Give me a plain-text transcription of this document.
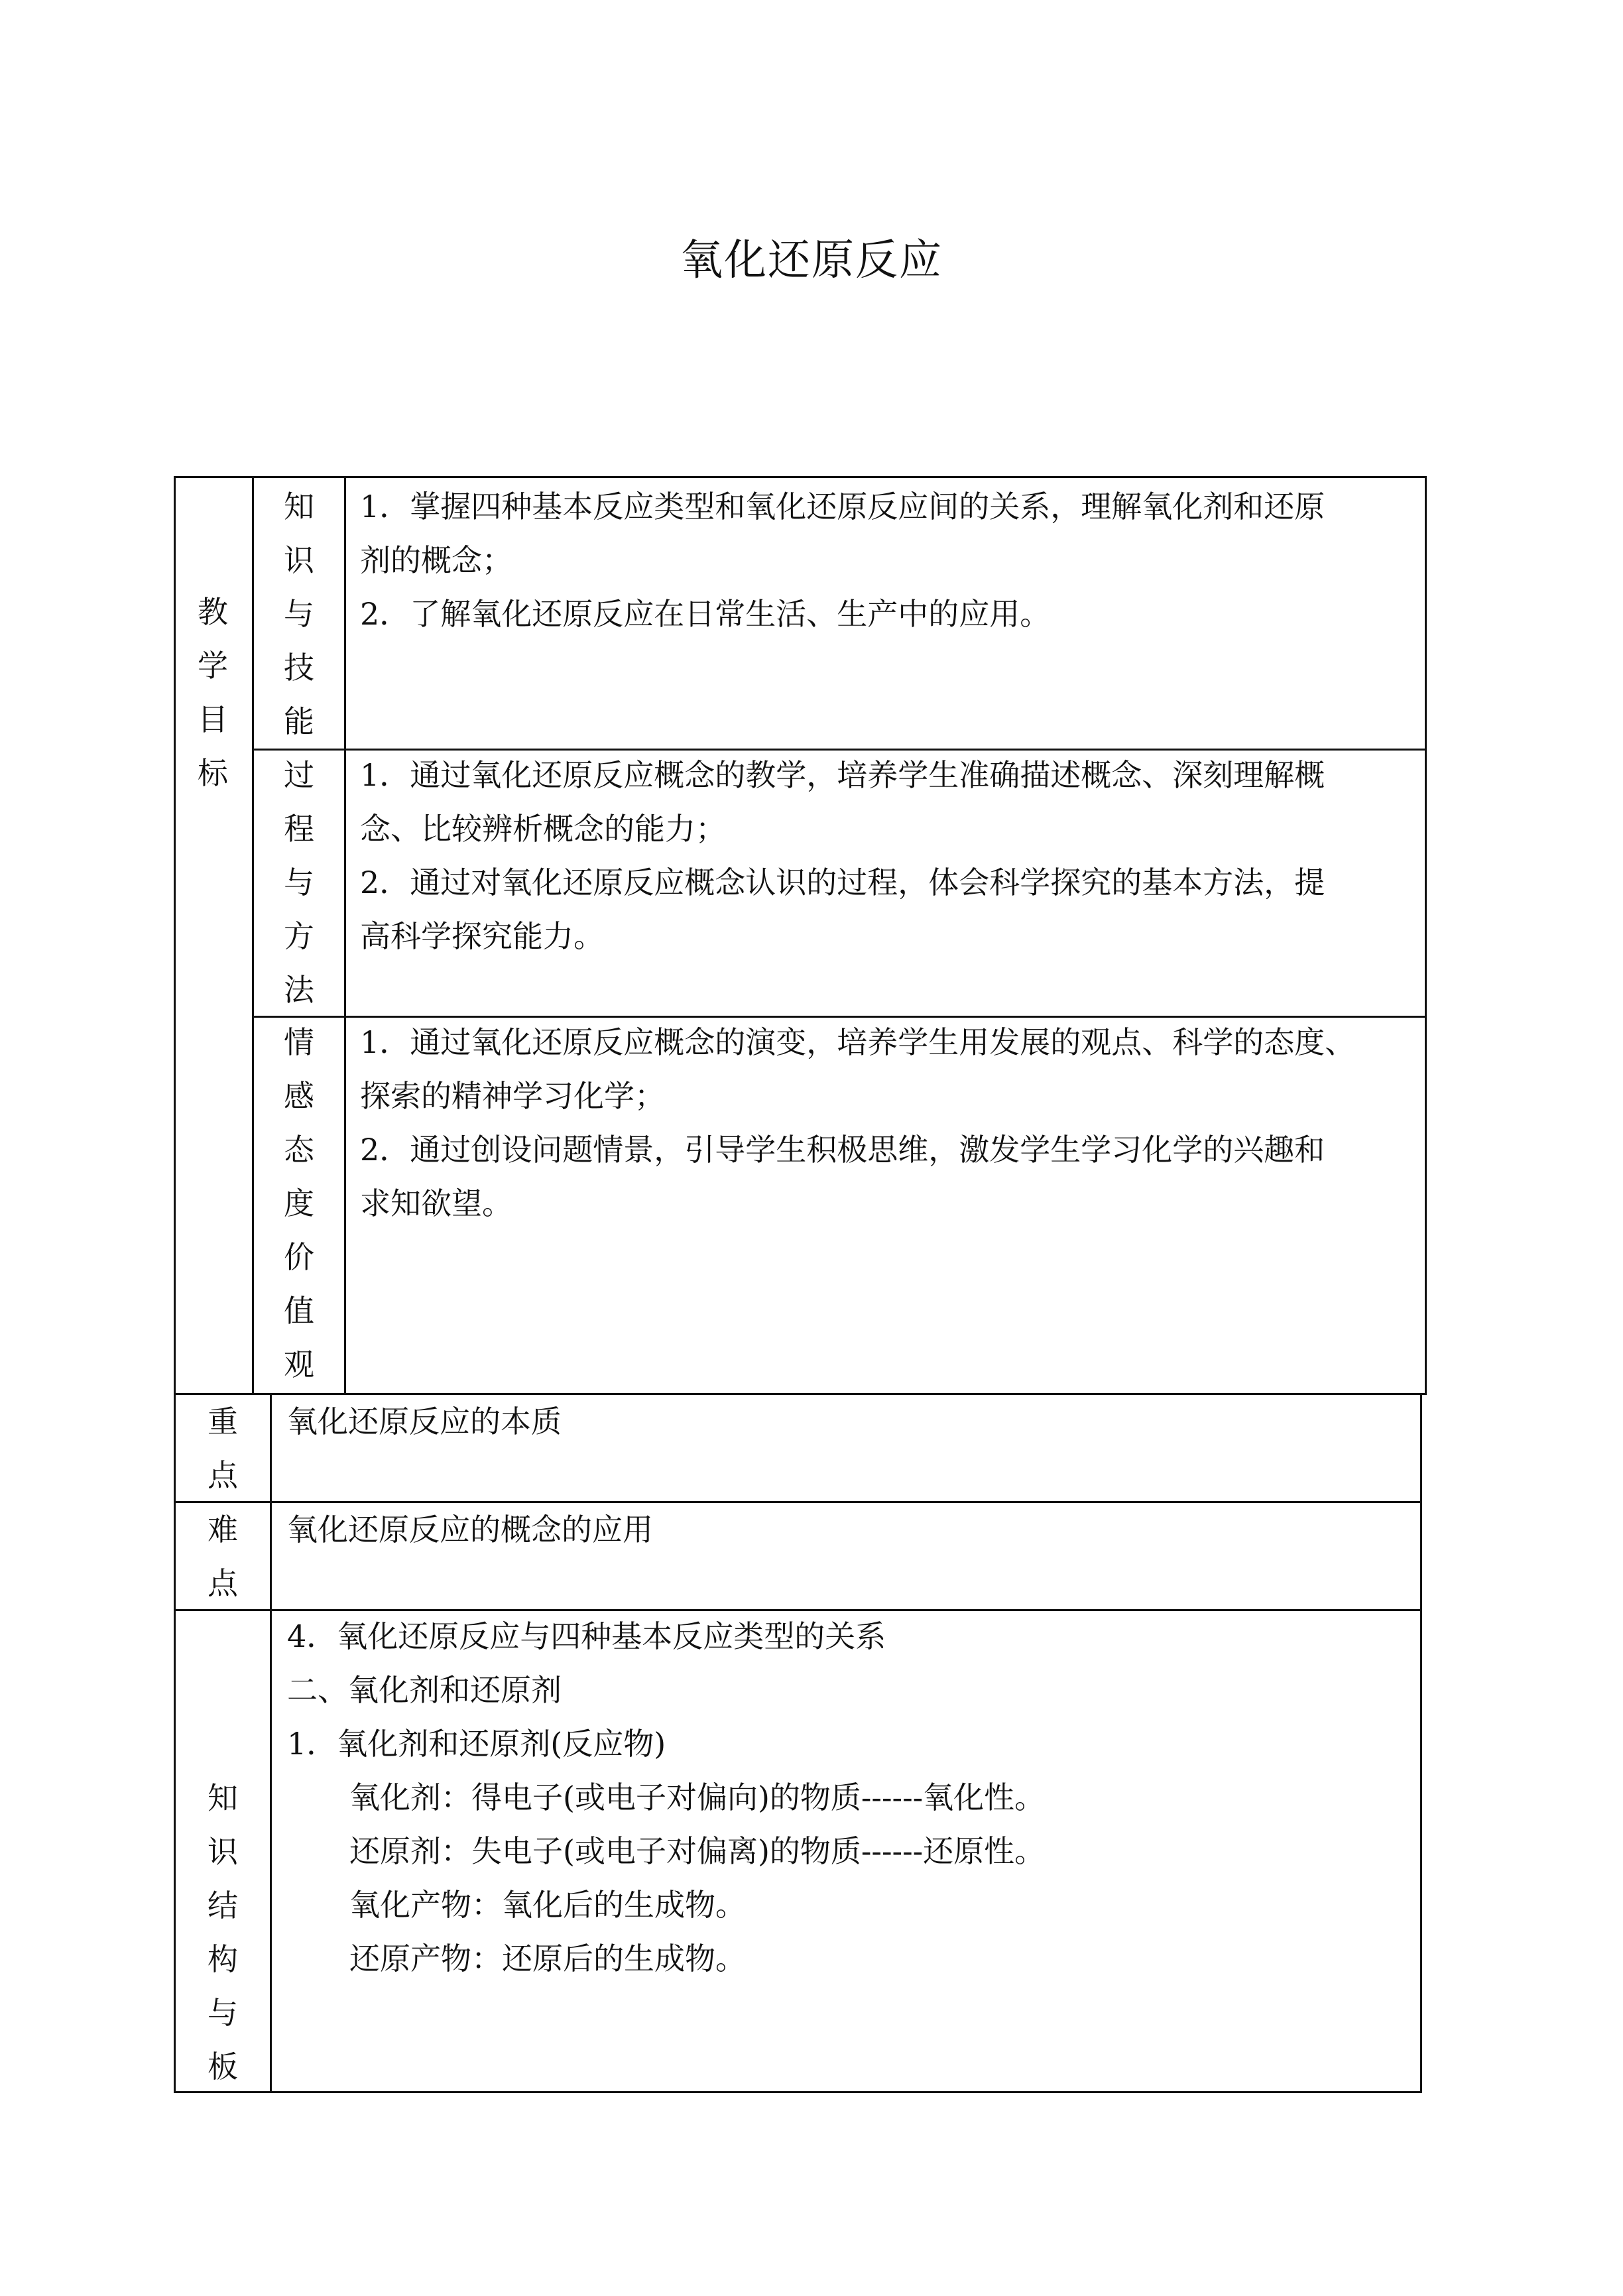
氧化还原反应
教
学
目
标
知
识
与
技
能
1．掌握四种基本反应类型和氧化还原反应间的关系，理解氧化剂和还原
剂的概念；
2．了解氧化还原反应在日常生活、生产中的应用。
过
程
与
方
法
1．通过氧化还原反应概念的教学，培养学生准确描述概念、深刻理解概
念、比较辨析概念的能力；
2．通过对氧化还原反应概念认识的过程，体会科学探究的基本方法，提
高科学探究能力。
情
感
态
度
价
值
观
1．通过氧化还原反应概念的演变，培养学生用发展的观点、科学的态度、
探索的精神学习化学；
2．通过创设问题情景，引导学生积极思维，激发学生学习化学的兴趣和
求知欲望。
重
点
氧化还原反应的本质
难
点
氧化还原反应的概念的应用
知
识
结
构
与
板
4．氧化还原反应与四种基本反应类型的关系
二、氧化剂和还原剂
1．氧化剂和还原剂(反应物)
氧化剂：得电子(或电子对偏向)的物质------氧化性。
还原剂：失电子(或电子对偏离)的物质------还原性。
氧化产物：氧化后的生成物。
还原产物：还原后的生成物。
